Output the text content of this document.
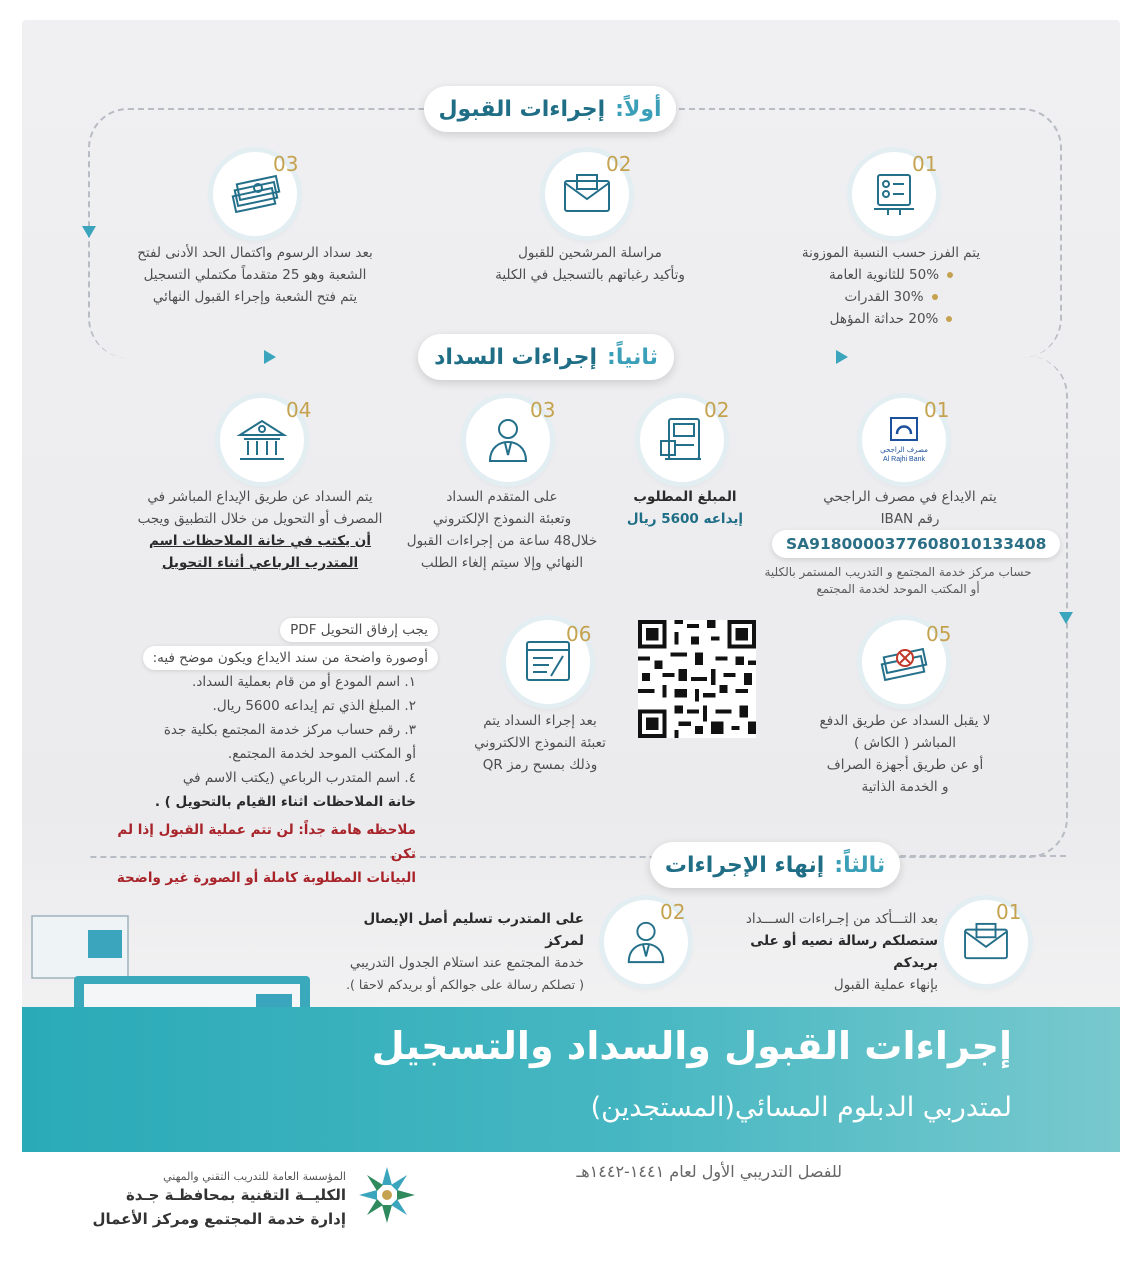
أولاً:
إجراءات القبول
01
يتم الفرز حسب النسبة الموزونة
50% للثانوية العامة
30% القدرات
20% حداثة المؤهل
02
مراسلة المرشحين للقبول
وتأكيد رغباتهم بالتسجيل في الكلية
03
بعد سداد الرسوم واكتمال الحد الأدنى لفتح
الشعبة وهو 25 متقدماً مكتملي التسجيل
يتم فتح الشعبة وإجراء القبول النهائي
ثانياً:
إجراءات السداد
مصرف الراجحي
Al Rajhi Bank
01
يتم الايداع في مصرف الراجحي
رقم IBAN
SA9180000377608010133408
حساب مركز خدمة المجتمع و التدريب المستمر بالكلية
أو المكتب الموحد لخدمة المجتمع
02
المبلغ المطلوب
إيداعه 5600 ريال
03
على المتقدم السداد
وتعبئة النموذج الإلكتروني
خلال48 ساعة من إجراءات القبول
النهائي وإلا سيتم إلغاء الطلب
04
يتم السداد عن طريق الإيداع المباشر في
المصرف أو التحويل من خلال التطبيق ويجب
أن يكتب في خانة الملاحظات اسم
المتدرب الرباعي أثناء التحويل
05
لا يقبل السداد عن طريق الدفع
المباشر ( الكاش )
أو عن طريق أجهزة الصراف
و الخدمة الذاتية
06
بعد إجراء السداد يتم
تعبئة النموذج الالكتروني
وذلك بمسح رمز QR
يجب إرفاق التحويل PDF
أوصورة واضحة من سند الايداع ويكون موضح فيه:
١. اسم المودع أو من قام بعملية السداد.
٢. المبلغ الذي تم إيداعه 5600 ريال.
٣. رقم حساب مركز خدمة المجتمع بكلية جدة
أو المكتب الموحد لخدمة المجتمع.
٤. اسم المتدرب الرباعي (يكتب الاسم في
خانة الملاحظات اثناء القيام بالتحويل ) .
ملاحظه هامة جداً: لن تتم عملية القبول إذا لم تكن
البيانات المطلوبة كاملة أو الصورة غير واضحة
ثالثاً:
إنهاء الإجراءات
01
بعد التـــأكد من إجـراءات الســـداد
ستصلكم رسالة نصيه أو على بريدكم
بإنهاء عملية القبول
02
على المتدرب تسليم أصل الإيصال لمركز
خدمة المجتمع عند استلام الجدول التدريبي
( تصلكم رسالة على جوالكم أو بريدكم لاحقا ).
إجراءات القبول والسداد والتسجيل
لمتدربي الدبلوم المسائي(المستجدين)
للفصل التدريبي الأول لعام ١٤٤١-١٤٤٢هـ
المؤسسة العامة للتدريب التقني والمهني
الكليــة التقنية بمحافظـة جـدة
إدارة خدمة المجتمع ومركز الأعمال
